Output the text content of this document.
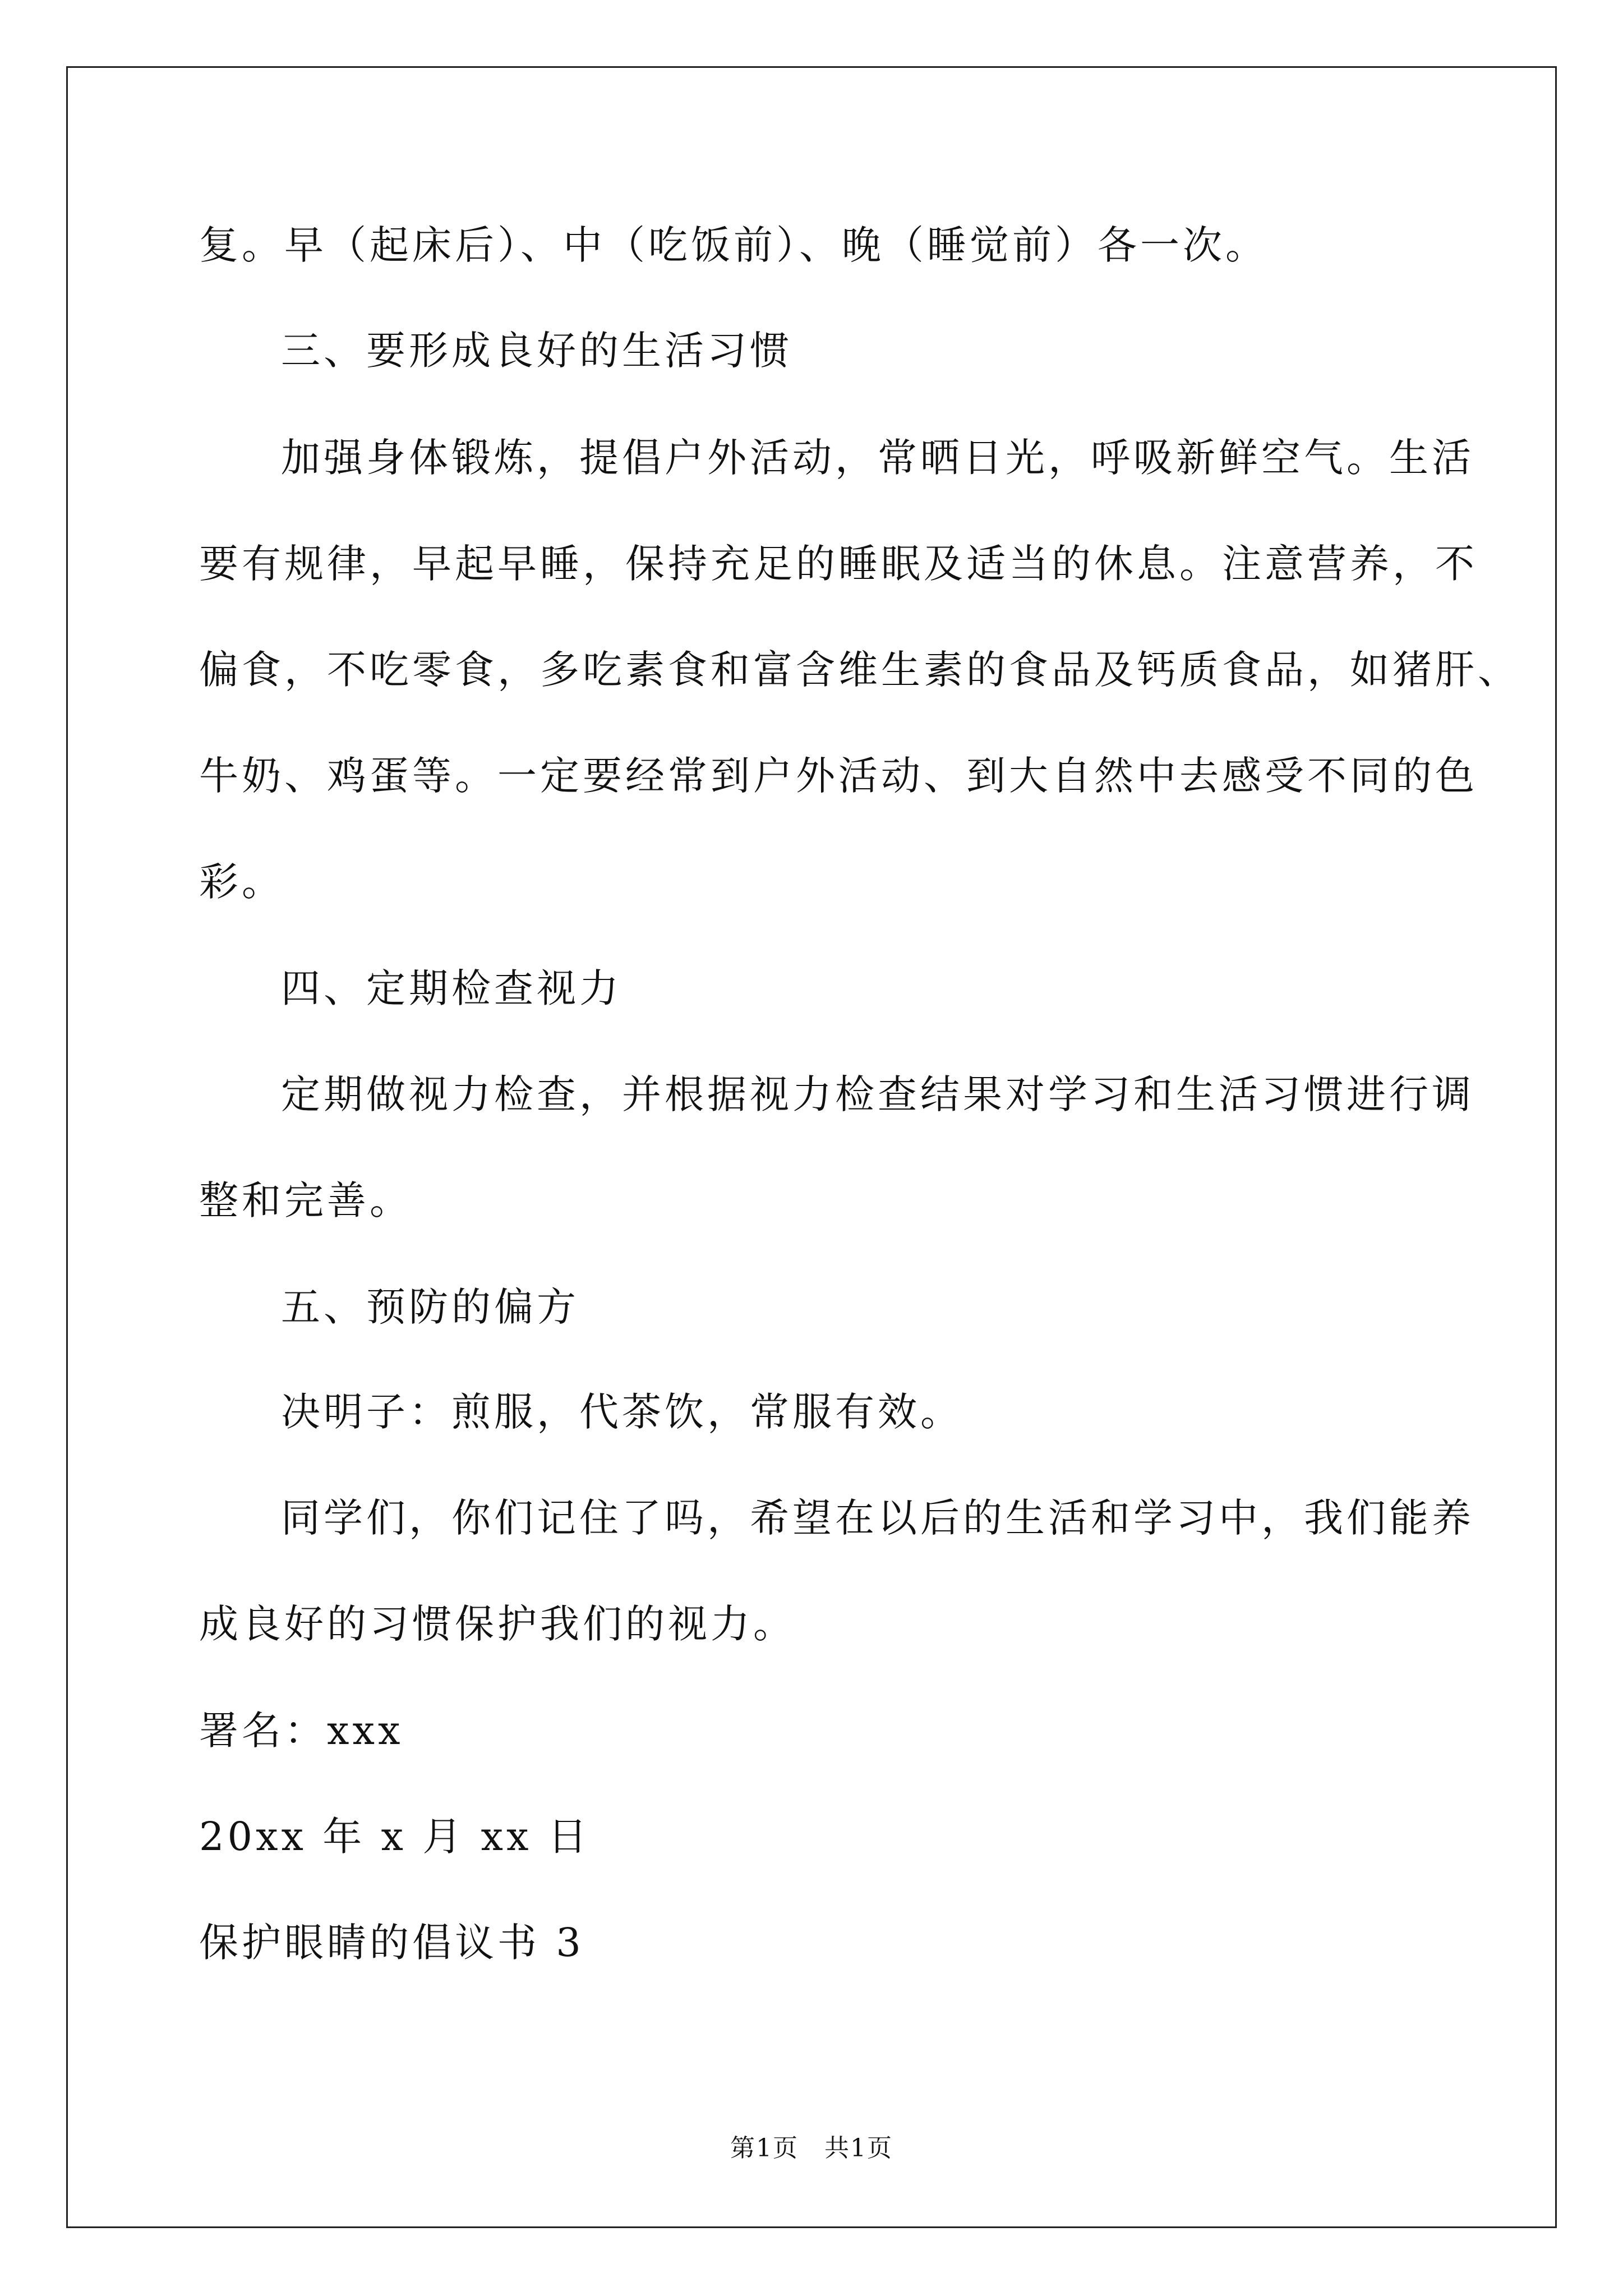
复。早（起床后）、中（吃饭前）、晚（睡觉前）各一次。
三、要形成良好的生活习惯
加强身体锻炼，提倡户外活动，常晒日光，呼吸新鲜空气。生活
要有规律，早起早睡，保持充足的睡眠及适当的休息。注意营养，不
偏食，不吃零食，多吃素食和富含维生素的食品及钙质食品，如猪肝、
牛奶、鸡蛋等。一定要经常到户外活动、到大自然中去感受不同的色
彩。
四、定期检查视力
定期做视力检查，并根据视力检查结果对学习和生活习惯进行调
整和完善。
五、预防的偏方
决明子：煎服，代茶饮，常服有效。
同学们，你们记住了吗，希望在以后的生活和学习中，我们能养
成良好的习惯保护我们的视力。
署名：xxx
20xx 年 x 月 xx 日
保护眼睛的倡议书 3
第1页　共1页
